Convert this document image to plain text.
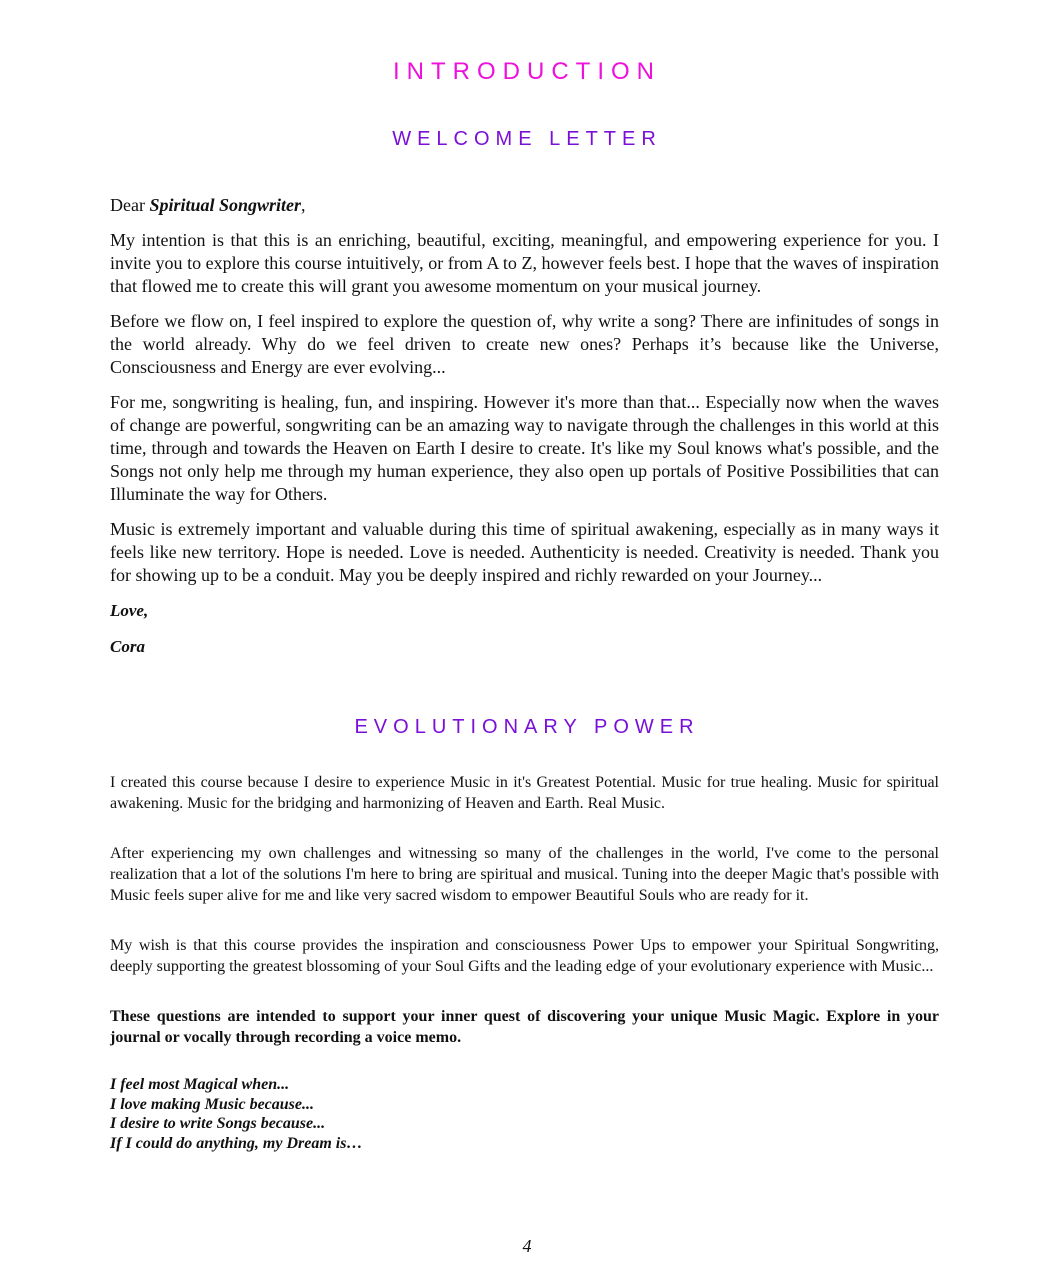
INTRODUCTION
WELCOME LETTER

Dear Spiritual Songwriter,

My intention is that this is an enriching, beautiful, exciting, meaningful, and empowering experience for you. I invite you to explore this course intuitively, or from A to Z, however feels best. I hope that the waves of inspiration that flowed me to create this will grant you awesome momentum on your musical journey.

Before we flow on, I feel inspired to explore the question of, why write a song? There are infinitudes of songs in the world already. Why do we feel driven to create new ones? Perhaps it’s because like the Universe, Consciousness and Energy are ever evolving...

For me, songwriting is healing, fun, and inspiring. However it's more than that... Especially now when the waves of change are powerful, songwriting can be an amazing way to navigate through the challenges in this world at this time, through and towards the Heaven on Earth I desire to create. It's like my Soul knows what's possible, and the Songs not only help me through my human experience, they also open up portals of Positive Possibilities that can Illuminate the way for Others.

Music is extremely important and valuable during this time of spiritual awakening, especially as in many ways it feels like new territory. Hope is needed. Love is needed. Authenticity is needed. Creativity is needed. Thank you for showing up to be a conduit. May you be deeply inspired and richly rewarded on your Journey...

Love,
Cora
EVOLUTIONARY POWER

I created this course because I desire to experience Music in it's Greatest Potential. Music for true healing. Music for spiritual awakening. Music for the bridging and harmonizing of Heaven and Earth. Real Music.

After experiencing my own challenges and witnessing so many of the challenges in the world, I've come to the personal realization that a lot of the solutions I'm here to bring are spiritual and musical. Tuning into the deeper Magic that's possible with Music feels super alive for me and like very sacred wisdom to empower Beautiful Souls who are ready for it.

My wish is that this course provides the inspiration and consciousness Power Ups to empower your Spiritual Songwriting, deeply supporting the greatest blossoming of your Soul Gifts and the leading edge of your evolutionary experience with Music...

These questions are intended to support your inner quest of discovering your unique Music Magic. Explore in your journal or vocally through recording a voice memo.

I feel most Magical when...
I love making Music because...
I desire to write Songs because...
If I could do anything, my Dream is…
4
